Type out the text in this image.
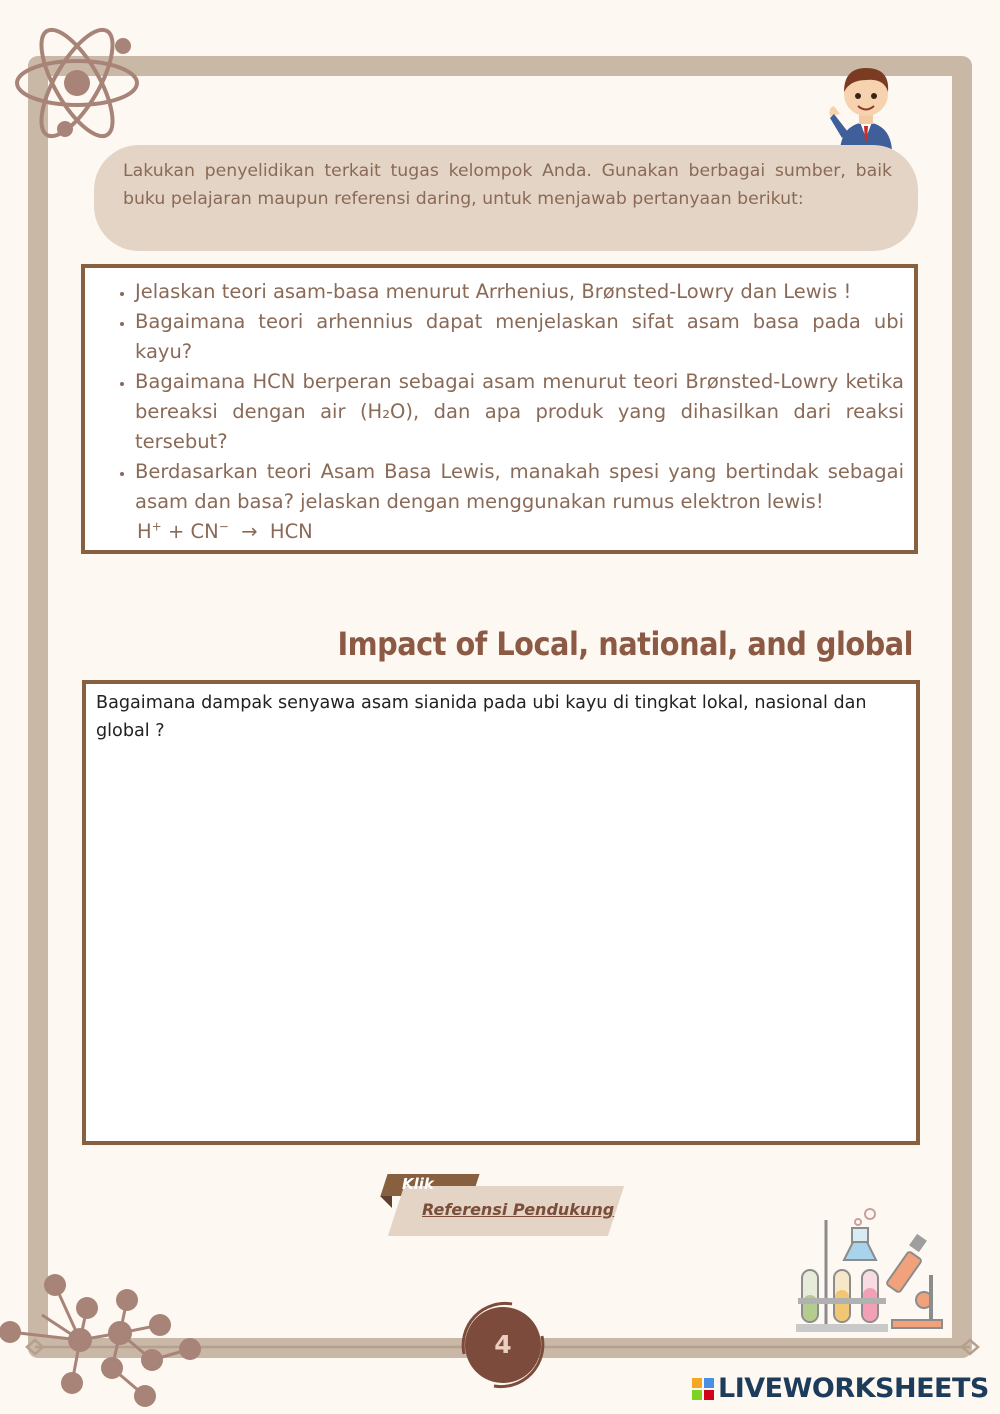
Lakukan penyelidikan terkait tugas kelompok Anda. Gunakan berbagai sumber, baik buku pelajaran maupun referensi daring, untuk menjawab pertanyaan berikut:
• Jelaskan teori asam-basa menurut Arrhenius, Brønsted-Lowry dan Lewis !
• Bagaimana teori arhennius dapat menjelaskan sifat asam basa pada ubi kayu?
• Bagaimana HCN berperan sebagai asam menurut teori Brønsted-Lowry ketika bereaksi dengan air (H₂O), dan apa produk yang dihasilkan dari reaksi tersebut?
• Berdasarkan teori Asam Basa Lewis, manakah spesi yang bertindak sebagai asam dan basa? jelaskan dengan menggunakan rumus elektron lewis!
H+ + CN− → HCN
Impact of Local, national, and global
Bagaimana dampak senyawa asam sianida pada ubi kayu di tingkat lokal, nasional dan global ?
Klik
Referensi Pendukung
4
LIVEWORKSHEETS
